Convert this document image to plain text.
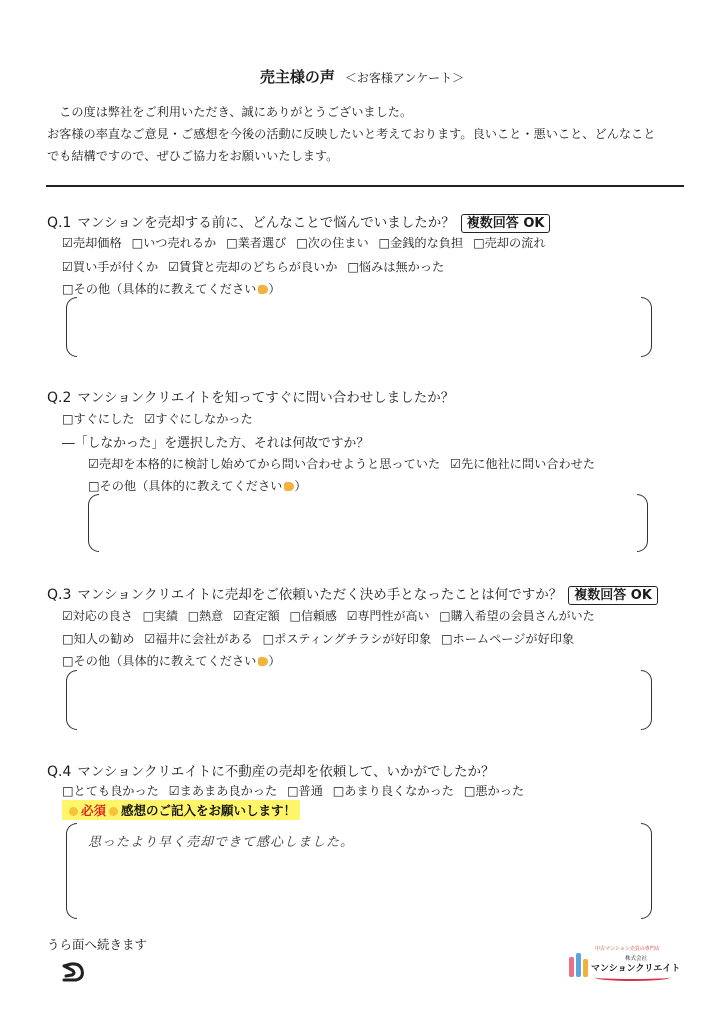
売主様の声 ＜お客様アンケート＞
　この度は弊社をご利用いただき、誠にありがとうございました。
お客様の率直なご意見・ご感想を今後の活動に反映したいと考えております。良いこと・悪いこと、どんなこと
でも結構ですので、ぜひご協力をお願いいたします。
Q.1 マンションを売却する前に、どんなことで悩んでいましたか？ 複数回答 OK
☑売却価格 □いつ売れるか □業者選び □次の住まい □金銭的な負担 □売却の流れ
☑買い手が付くか ☑賃貸と売却のどちらが良いか □悩みは無かった
□その他（具体的に教えてください ）
Q.2 マンションクリエイトを知ってすぐに問い合わせしましたか？
□すぐにした ☑すぐにしなかった
―「しなかった」を選択した方、それは何故ですか？
☑売却を本格的に検討し始めてから問い合わせようと思っていた ☑先に他社に問い合わせた
□その他（具体的に教えてください ）
Q.3 マンションクリエイトに売却をご依頼いただく決め手となったことは何ですか？ 複数回答 OK
☑対応の良さ □実績 □熱意 ☑査定額 □信頼感 ☑専門性が高い □購入希望の会員さんがいた
□知人の勧め ☑福井に会社がある □ポスティングチラシが好印象 □ホームページが好印象
□その他（具体的に教えてください ）
Q.4 マンションクリエイトに不動産の売却を依頼して、いかがでしたか？
□とても良かった ☑まあまあ良かった □普通 □あまり良くなかった □悪かった
必須 感想のご記入をお願いします！
思ったより早く売却できて感心しました。
うら面へ続きます	中古マンション売買の専門店
株式会社
マンションクリエイト
